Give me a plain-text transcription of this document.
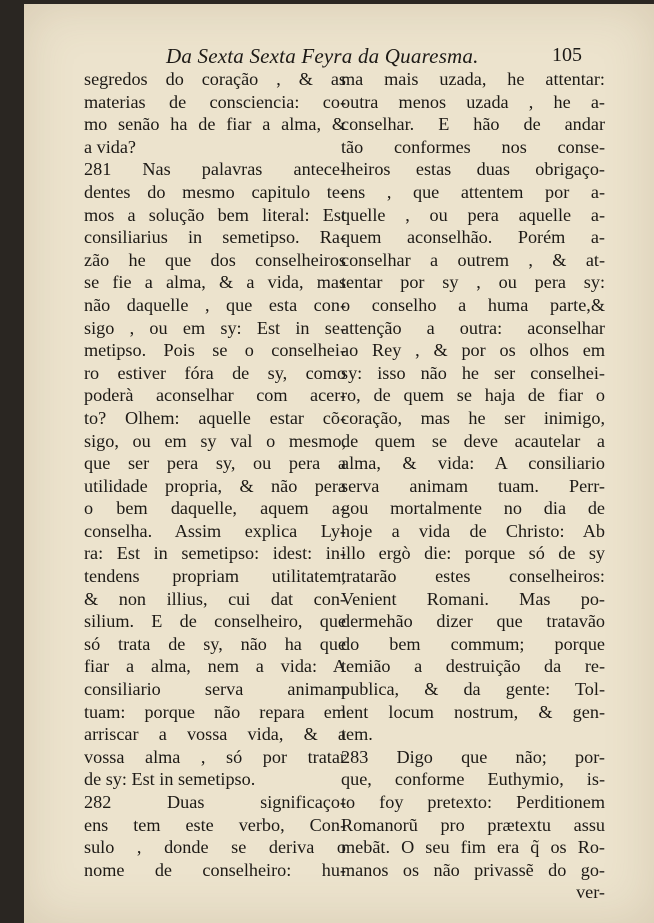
Da Sexta Sexta Feyra da Quaresma.	105
segredos do coração , & as
materias de consciencia: co-
mo senão ha de fiar a alma, &
a vida?
281 Nas palavras antece-
dentes do mesmo capitulo te-
mos a solução bem literal: Est
consiliarius in semetipso. Ra-
zão he que dos conselheiros
se fie a alma, & a vida, mas
não daquelle , que esta con-
sigo , ou em sy: Est in se-
metipso. Pois se o conselhei-
ro estiver fóra de sy, como
poderà aconselhar com acer-
to? Olhem: aquelle estar cõ-
sigo, ou em sy val o mesmo,
que ser pera sy, ou pera a
utilidade propria, & não pera
o bem daquelle, aquem a-
conselha. Assim explica Ly-
ra: Est in semetipso: idest: in-
tendens propriam utilitatem,
& non illius, cui dat con-
silium. E de conselheiro, que
só trata de sy, não ha que
fiar a alma, nem a vida: A
consiliario serva animam
tuam: porque não repara em
arriscar a vossa vida, & a
vossa alma , só por tratar
de sy: Est in semetipso.
282 Duas significaço-
ens tem este verbo, Con-
sulo , donde se deriva o
nome de conselheiro: hu-
ma mais uzada, he attentar:
outra menos uzada , he a-
conselhar. E hão de andar
tão conformes nos conse-
lheiros estas duas obrigaço-
ens , que attentem por a-
quelle , ou pera aquelle a-
quem aconselhão. Porém a-
conselhar a outrem , & at-
tentar por sy , ou pera sy:
o conselho a huma parte,&
attenção a outra: aconselhar
ao Rey , & por os olhos em
sy: isso não he ser conselhei-
ro, de quem se haja de fiar o
coração, mas he ser inimigo,
de quem se deve acautelar a
alma, & vida: A consiliario
serva animam tuam. Perr-
gou mortalmente no dia de
hoje a vida de Christo: Ab
illo ergò die: porque só de sy
tratarão estes conselheiros:
Venient Romani. Mas po-
dermehão dizer que tratavão
do bem commum; porque
temião a destruição da re-
publica, & da gente: Tol-
lent locum nostrum, & gen-
tem.
283 Digo que não; por-
que, conforme Euthymio, is-
to foy pretexto: Perditionem
Romanorũ pro prætextu assu
mebãt. O seu fim era q̃ os Ro-
manos os não privassẽ do go-
ver-
